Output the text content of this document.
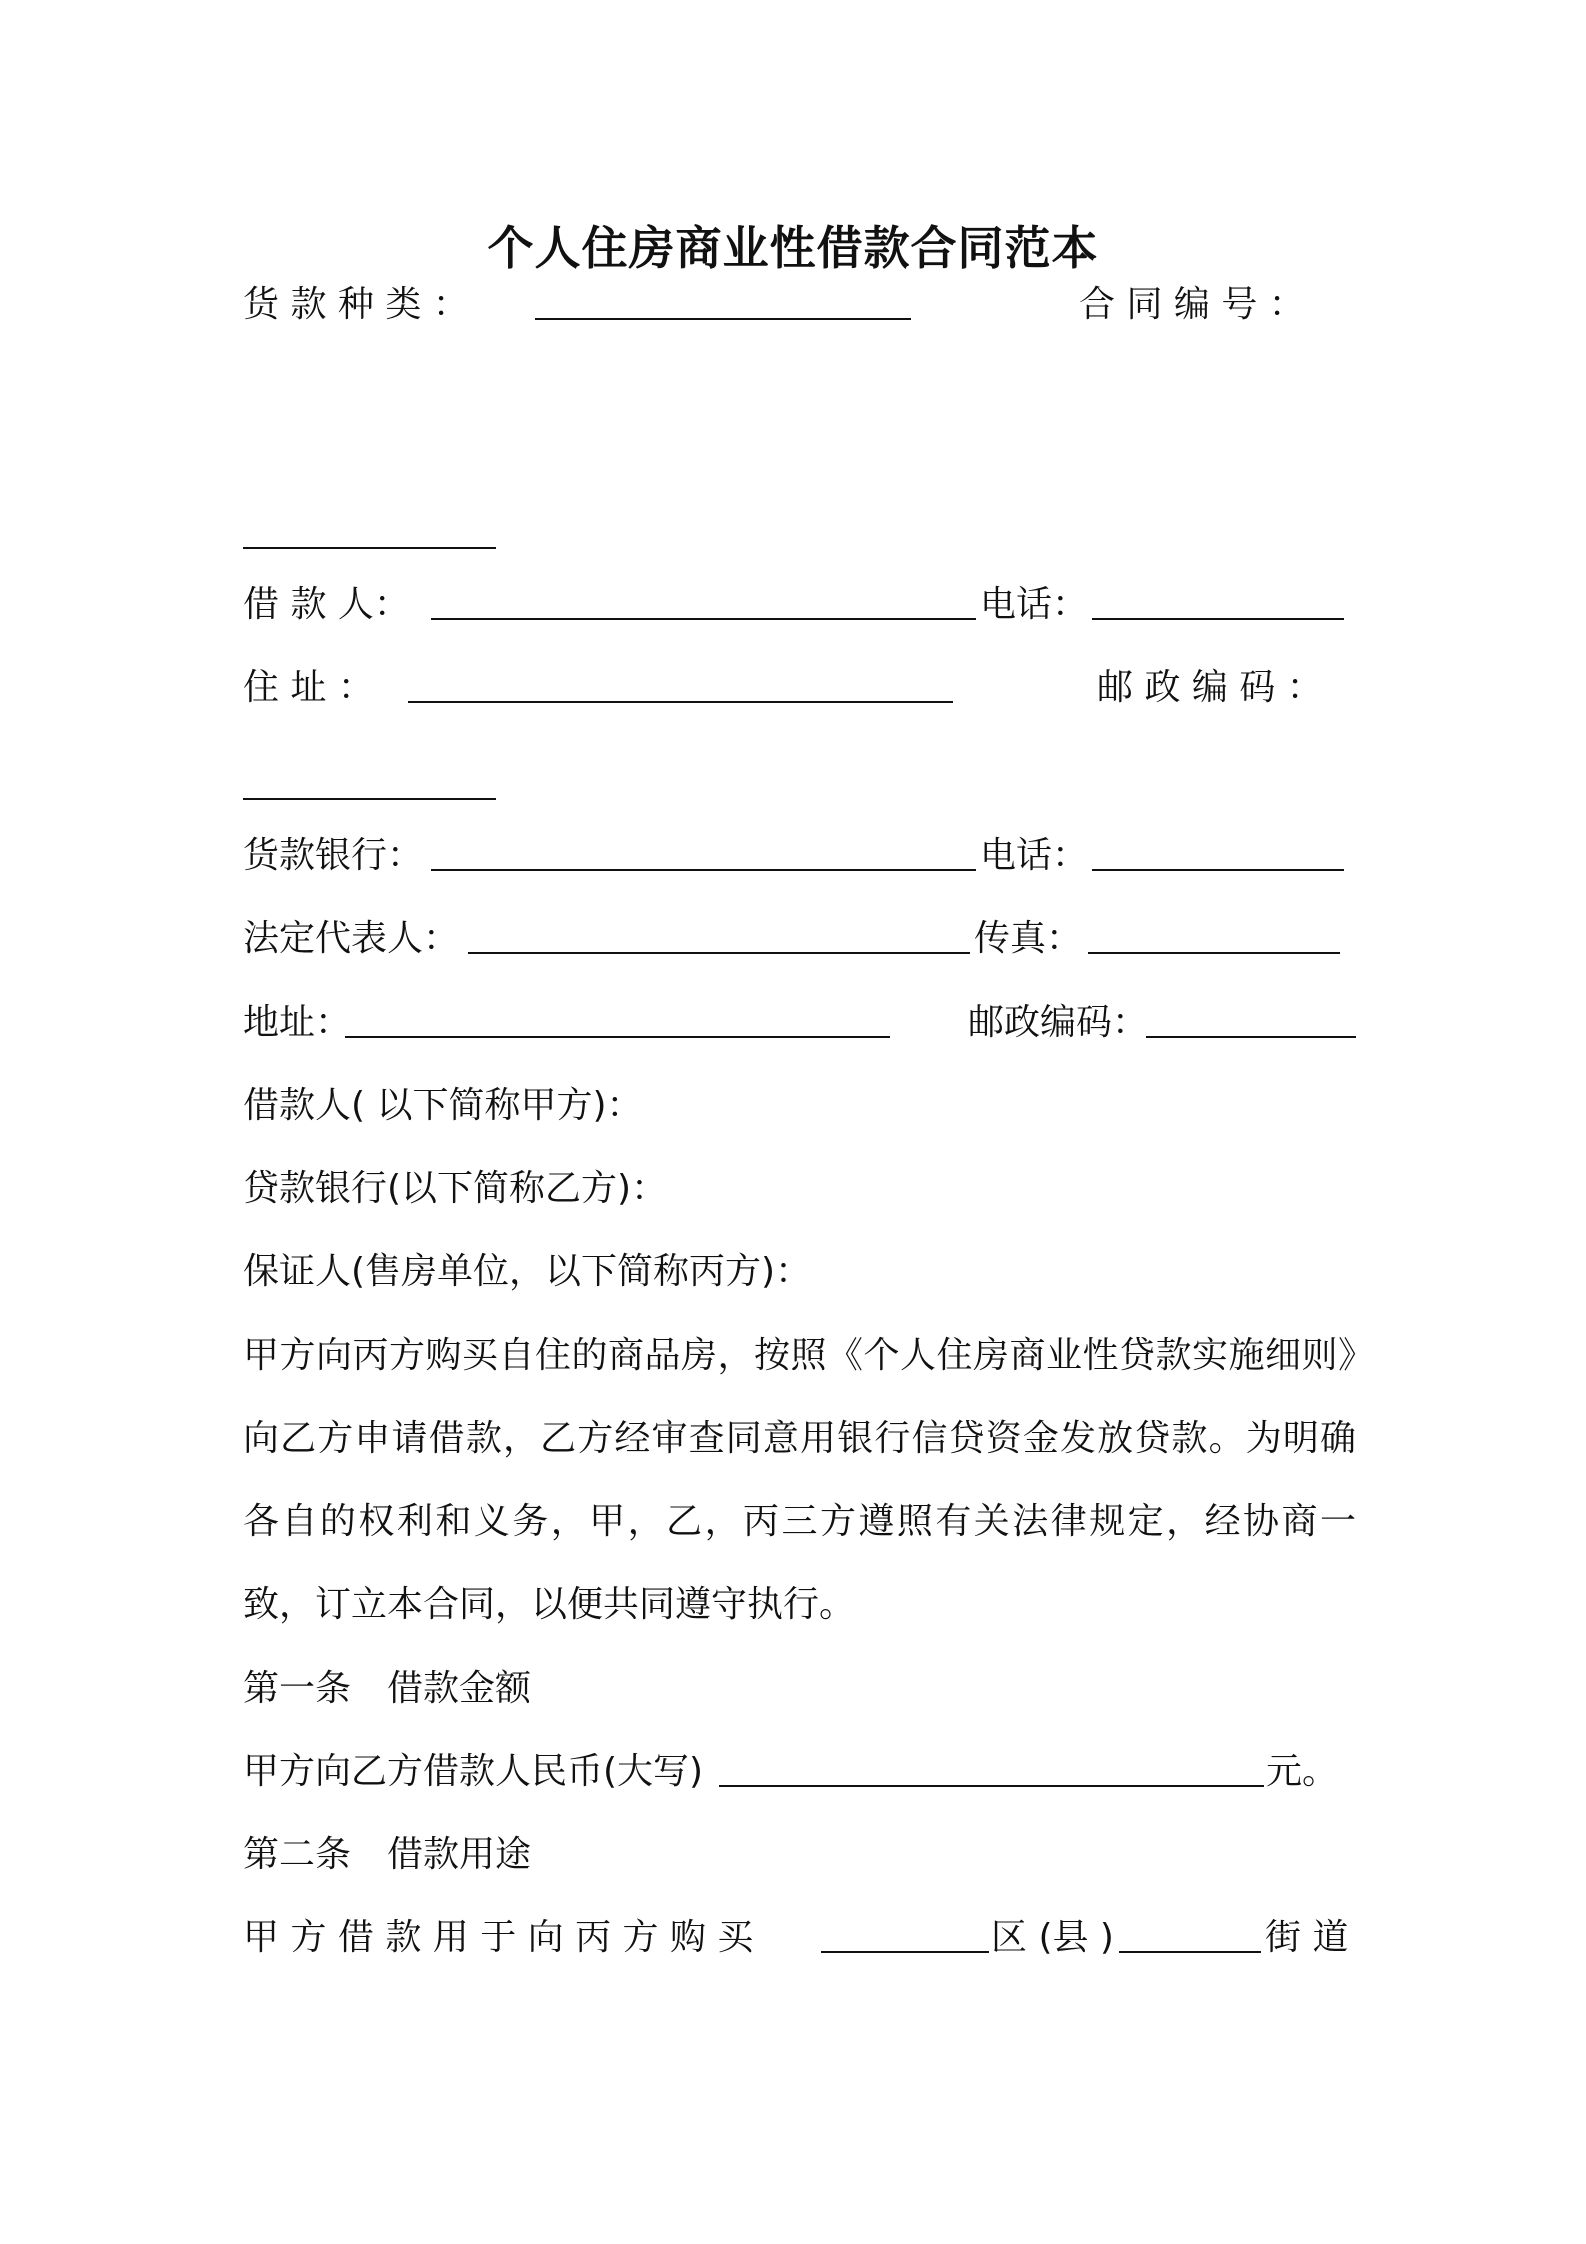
个人住房商业性借款合同范本
货 款 种 类 ：	合 同 编 号 ：
借 款 人：	电话：
住 址 ：	邮 政 编 码 ：
货款银行：	电话：
法定代表人：	传真：
地址：	邮政编码：
借款人( 以下简称甲方)：
贷款银行(以下简称乙方)：
保证人(售房单位，以下简称丙方)：
甲方向丙方购买自住的商品房，按照《个人住房商业性贷款实施细则》向乙方申请借款，乙方经审查同意用银行信贷资金发放贷款。为明确各自的权利和义务，甲，乙，丙三方遵照有关法律规定，经协商一致，订立本合同，以便共同遵守执行。
第一条　借款金额
甲方向乙方借款人民币(大写)	元。
第二条　借款用途
甲 方 借 款 用 于 向 丙 方 购 买	区 (县 )	街 道
